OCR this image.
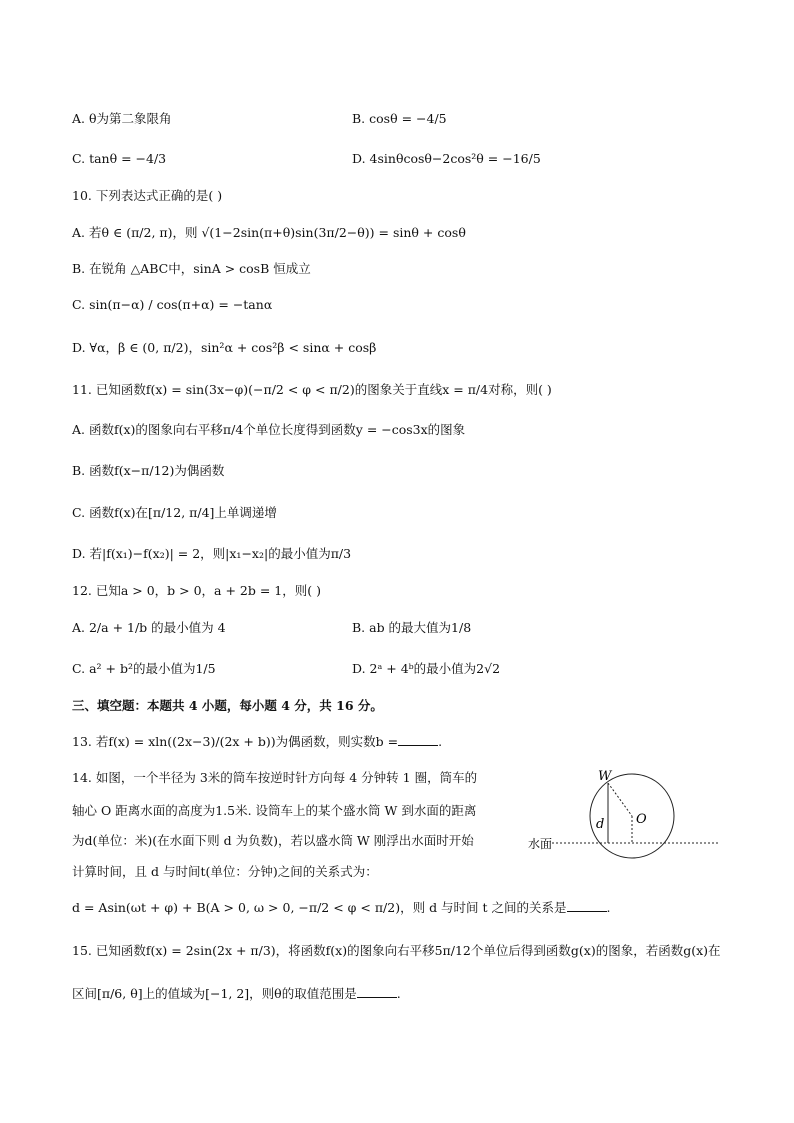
A. θ为第二象限角	B. cosθ = −4/5
C. tanθ = −4/3	D. 4sinθcosθ−2cos²θ = −16/5
10. 下列表达式正确的是( )
A. 若θ ∈ (π/2, π)，则 √(1−2sin(π+θ)sin(3π/2−θ)) = sinθ + cosθ
B. 在锐角 △ABC中，sinA > cosB 恒成立
C. sin(π−α) / cos(π+α) = −tanα
D. ∀α，β ∈ (0, π/2)，sin²α + cos²β < sinα + cosβ
11. 已知函数f(x) = sin(3x−φ)(−π/2 < φ < π/2)的图象关于直线x = π/4对称，则( )
A. 函数f(x)的图象向右平移π/4个单位长度得到函数y = −cos3x的图象
B. 函数f(x−π/12)为偶函数
C. 函数f(x)在[π/12, π/4]上单调递增
D. 若|f(x₁)−f(x₂)| = 2，则|x₁−x₂|的最小值为π/3
12. 已知a > 0，b > 0，a + 2b = 1，则( )
A. 2/a + 1/b 的最小值为 4	B. ab 的最大值为1/8
C. a² + b²的最小值为1/5	D. 2ᵃ + 4ᵇ的最小值为2√2
三、填空题：本题共 4 小题，每小题 4 分，共 16 分。
13. 若f(x) = xln((2x−3)/(2x + b))为偶函数，则实数b =	.
14. 如图，一个半径为 3米的筒车按逆时针方向每 4 分钟转 1 圈，筒车的
轴心 O 距离水面的高度为1.5米. 设筒车上的某个盛水筒 W 到水面的距离
为d(单位：米)(在水面下则 d 为负数)，若以盛水筒 W 刚浮出水面时开始
计算时间，且 d 与时间t(单位：分钟)之间的关系式为：
d = Asin(ωt + φ) + B(A > 0, ω > 0, −π/2 < φ < π/2)，则 d 与时间 t 之间的关系是	.
W
O
d
水面
15. 已知函数f(x) = 2sin(2x + π/3)，将函数f(x)的图象向右平移5π/12个单位后得到函数g(x)的图象，若函数g(x)在
区间[π/6, θ]上的值域为[−1, 2]，则θ的取值范围是	.
